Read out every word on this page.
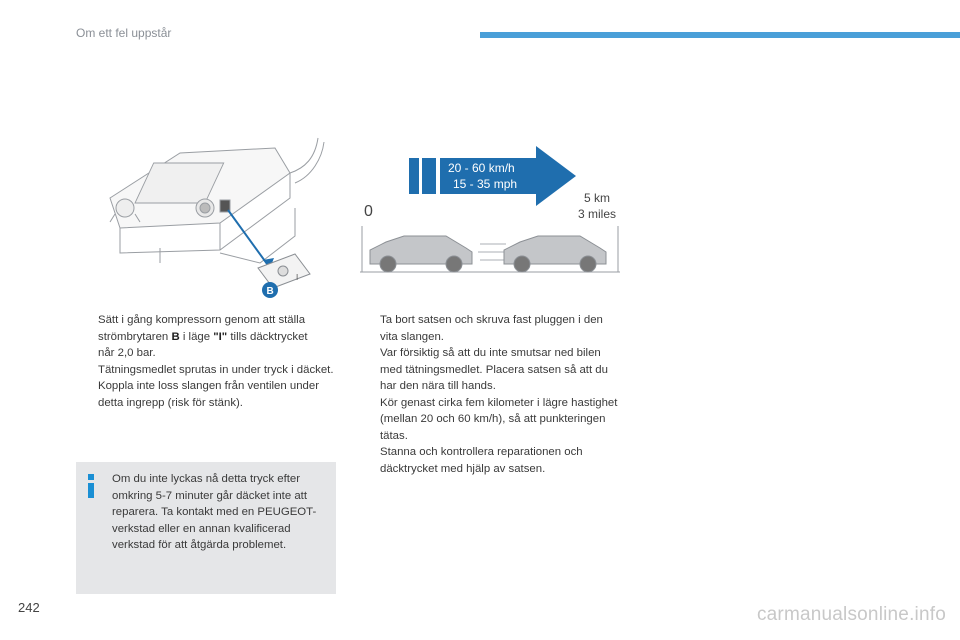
Om ett fel uppstår
I
B
20 - 60 km/h
15 - 35 mph
0
5 km
3 miles

Sätt i gång kompressorn genom att ställa
strömbrytaren B i läge "I" tills däcktrycket
når 2,0 bar.

Tätningsmedlet sprutas in under tryck i däcket. Koppla inte loss slangen från ventilen under detta ingrepp (risk för stänk).

Ta bort satsen och skruva fast pluggen i den vita slangen.

Var försiktig så att du inte smutsar ned bilen med tätningsmedlet. Placera satsen så att du har den nära till hands.

Kör genast cirka fem kilometer i lägre hastighet (mellan 20 och 60 km/h), så att punkteringen tätas.

Stanna och kontrollera reparationen och däcktrycket med hjälp av satsen.

Om du inte lyckas nå detta tryck efter omkring 5-7 minuter går däcket inte att reparera. Ta kontakt med en PEUGEOT-verkstad eller en annan kvalificerad verkstad för att åtgärda problemet.

242	carmanualsonline.info
